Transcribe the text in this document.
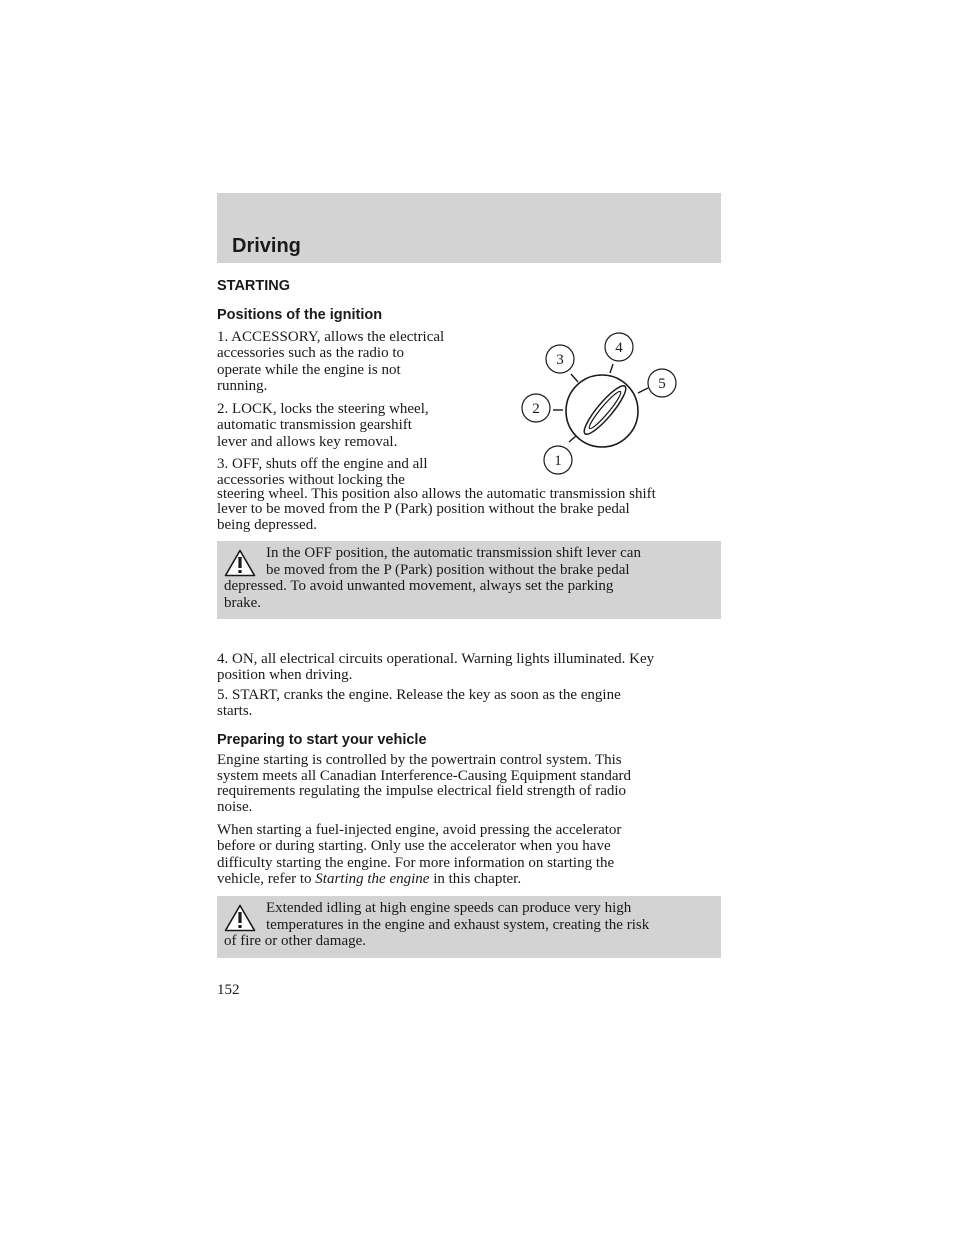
Driving
STARTING
Positions of the ignition

1. ACCESSORY, allows the electrical
accessories such as the radio to
operate while the engine is not
running.

2. LOCK, locks the steering wheel,
automatic transmission gearshift
lever and allows key removal.

3. OFF, shuts off the engine and all
accessories without locking the

steering wheel. This position also allows the automatic transmission shift
lever to be moved from the P (Park) position without the brake pedal
being depressed.

1
2
3
4
5

In the OFF position, the automatic transmission shift lever can
be moved from the P (Park) position without the brake pedal
depressed. To avoid unwanted movement, always set the parking
brake.

4. ON, all electrical circuits operational. Warning lights illuminated. Key
position when driving.

5. START, cranks the engine. Release the key as soon as the engine
starts.

Preparing to start your vehicle

Engine starting is controlled by the powertrain control system. This
system meets all Canadian Interference-Causing Equipment standard
requirements regulating the impulse electrical field strength of radio
noise.

When starting a fuel-injected engine, avoid pressing the accelerator
before or during starting. Only use the accelerator when you have
difficulty starting the engine. For more information on starting the
vehicle, refer to Starting the engine in this chapter.

Extended idling at high engine speeds can produce very high
temperatures in the engine and exhaust system, creating the risk
of fire or other damage.

152
